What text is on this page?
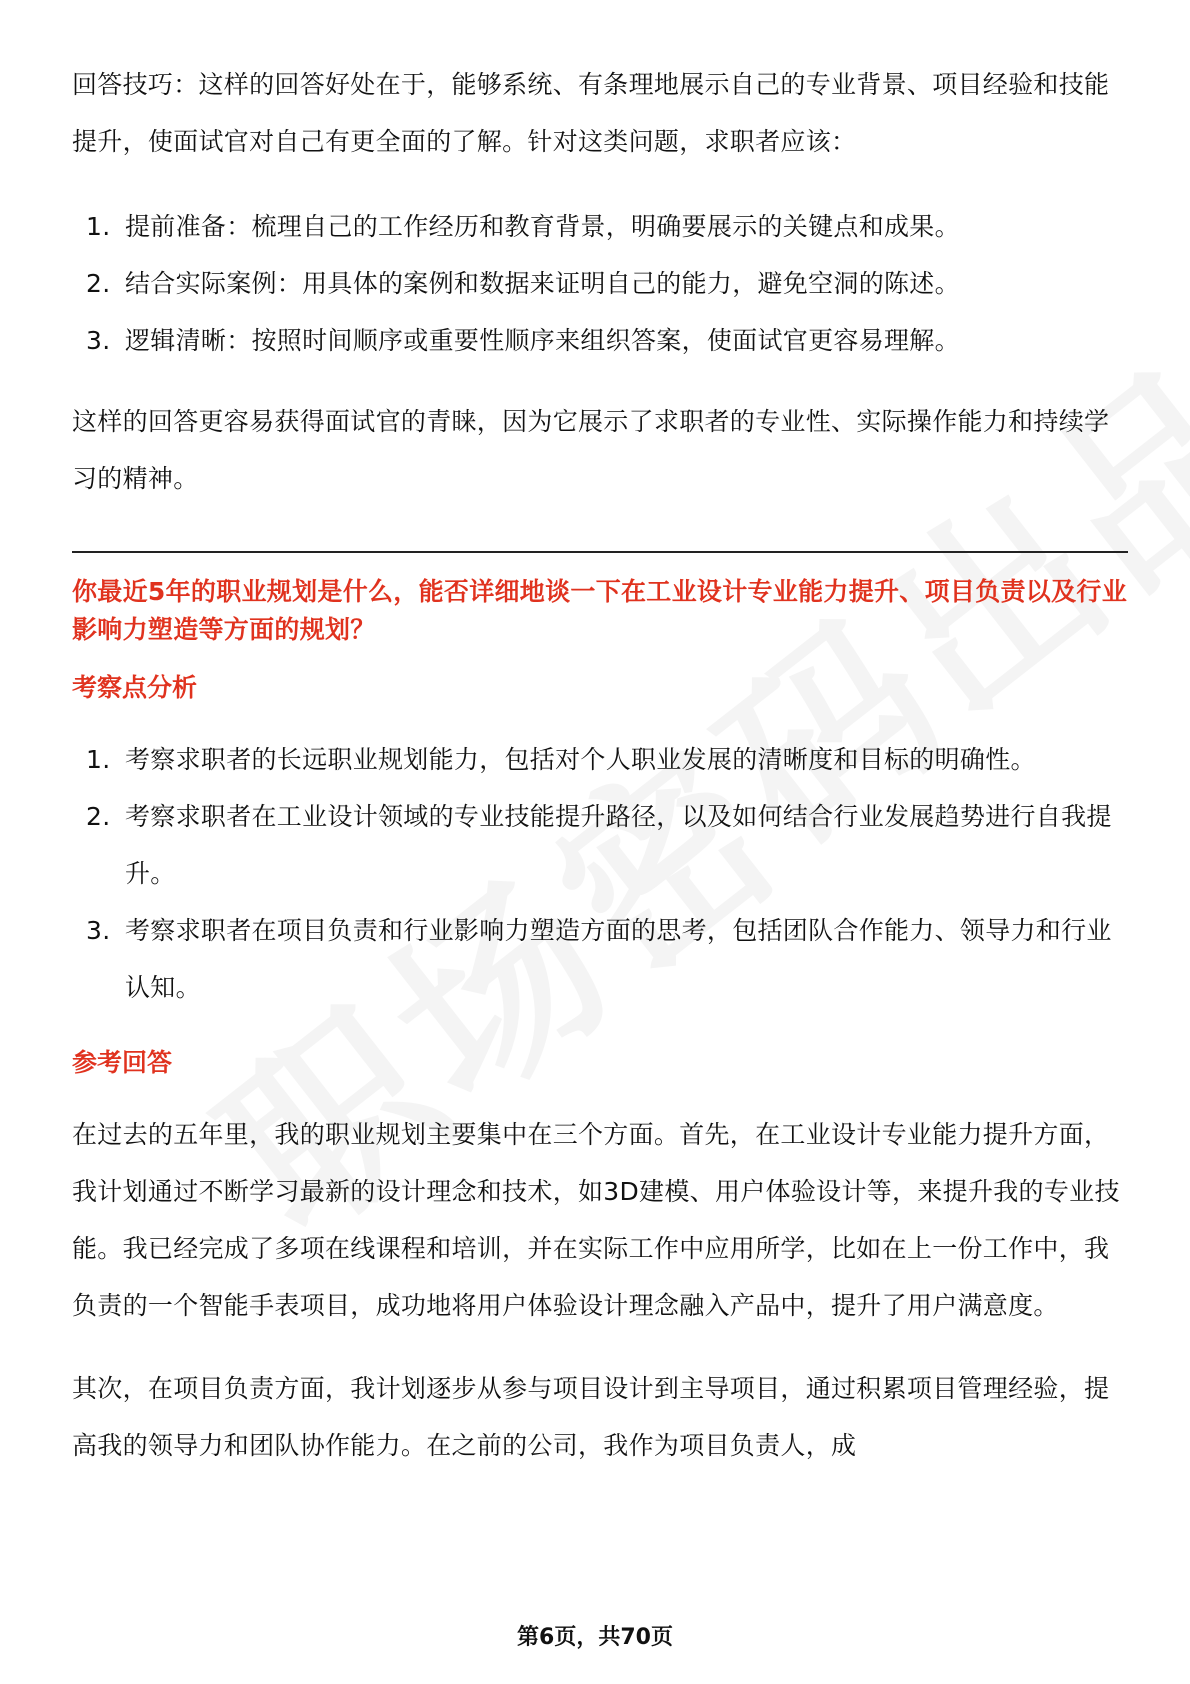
回答技巧：这样的回答好处在于，能够系统、有条理地展示自己的专业背景、项目经验和技能提升，使面试官对自己有更全面的了解。针对这类问题，求职者应该：

1. 提前准备：梳理自己的工作经历和教育背景，明确要展示的关键点和成果。
2. 结合实际案例：用具体的案例和数据来证明自己的能力，避免空洞的陈述。
3. 逻辑清晰：按照时间顺序或重要性顺序来组织答案，使面试官更容易理解。

这样的回答更容易获得面试官的青睐，因为它展示了求职者的专业性、实际操作能力和持续学习的精神。

你最近5年的职业规划是什么，能否详细地谈一下在工业设计专业能力提升、项目负责以及行业影响力塑造等方面的规划？

考察点分析

1. 考察求职者的长远职业规划能力，包括对个人职业发展的清晰度和目标的明确性。
2. 考察求职者在工业设计领域的专业技能提升路径，以及如何结合行业发展趋势进行自我提升。
3. 考察求职者在项目负责和行业影响力塑造方面的思考，包括团队合作能力、领导力和行业认知。

参考回答

在过去的五年里，我的职业规划主要集中在三个方面。首先，在工业设计专业能力提升方面，我计划通过不断学习最新的设计理念和技术，如3D建模、用户体验设计等，来提升我的专业技能。我已经完成了多项在线课程和培训，并在实际工作中应用所学，比如在上一份工作中，我负责的一个智能手表项目，成功地将用户体验设计理念融入产品中，提升了用户满意度。

其次，在项目负责方面，我计划逐步从参与项目设计到主导项目，通过积累项目管理经验，提高我的领导力和团队协作能力。在之前的公司，我作为项目负责人，成

第6页，共70页
